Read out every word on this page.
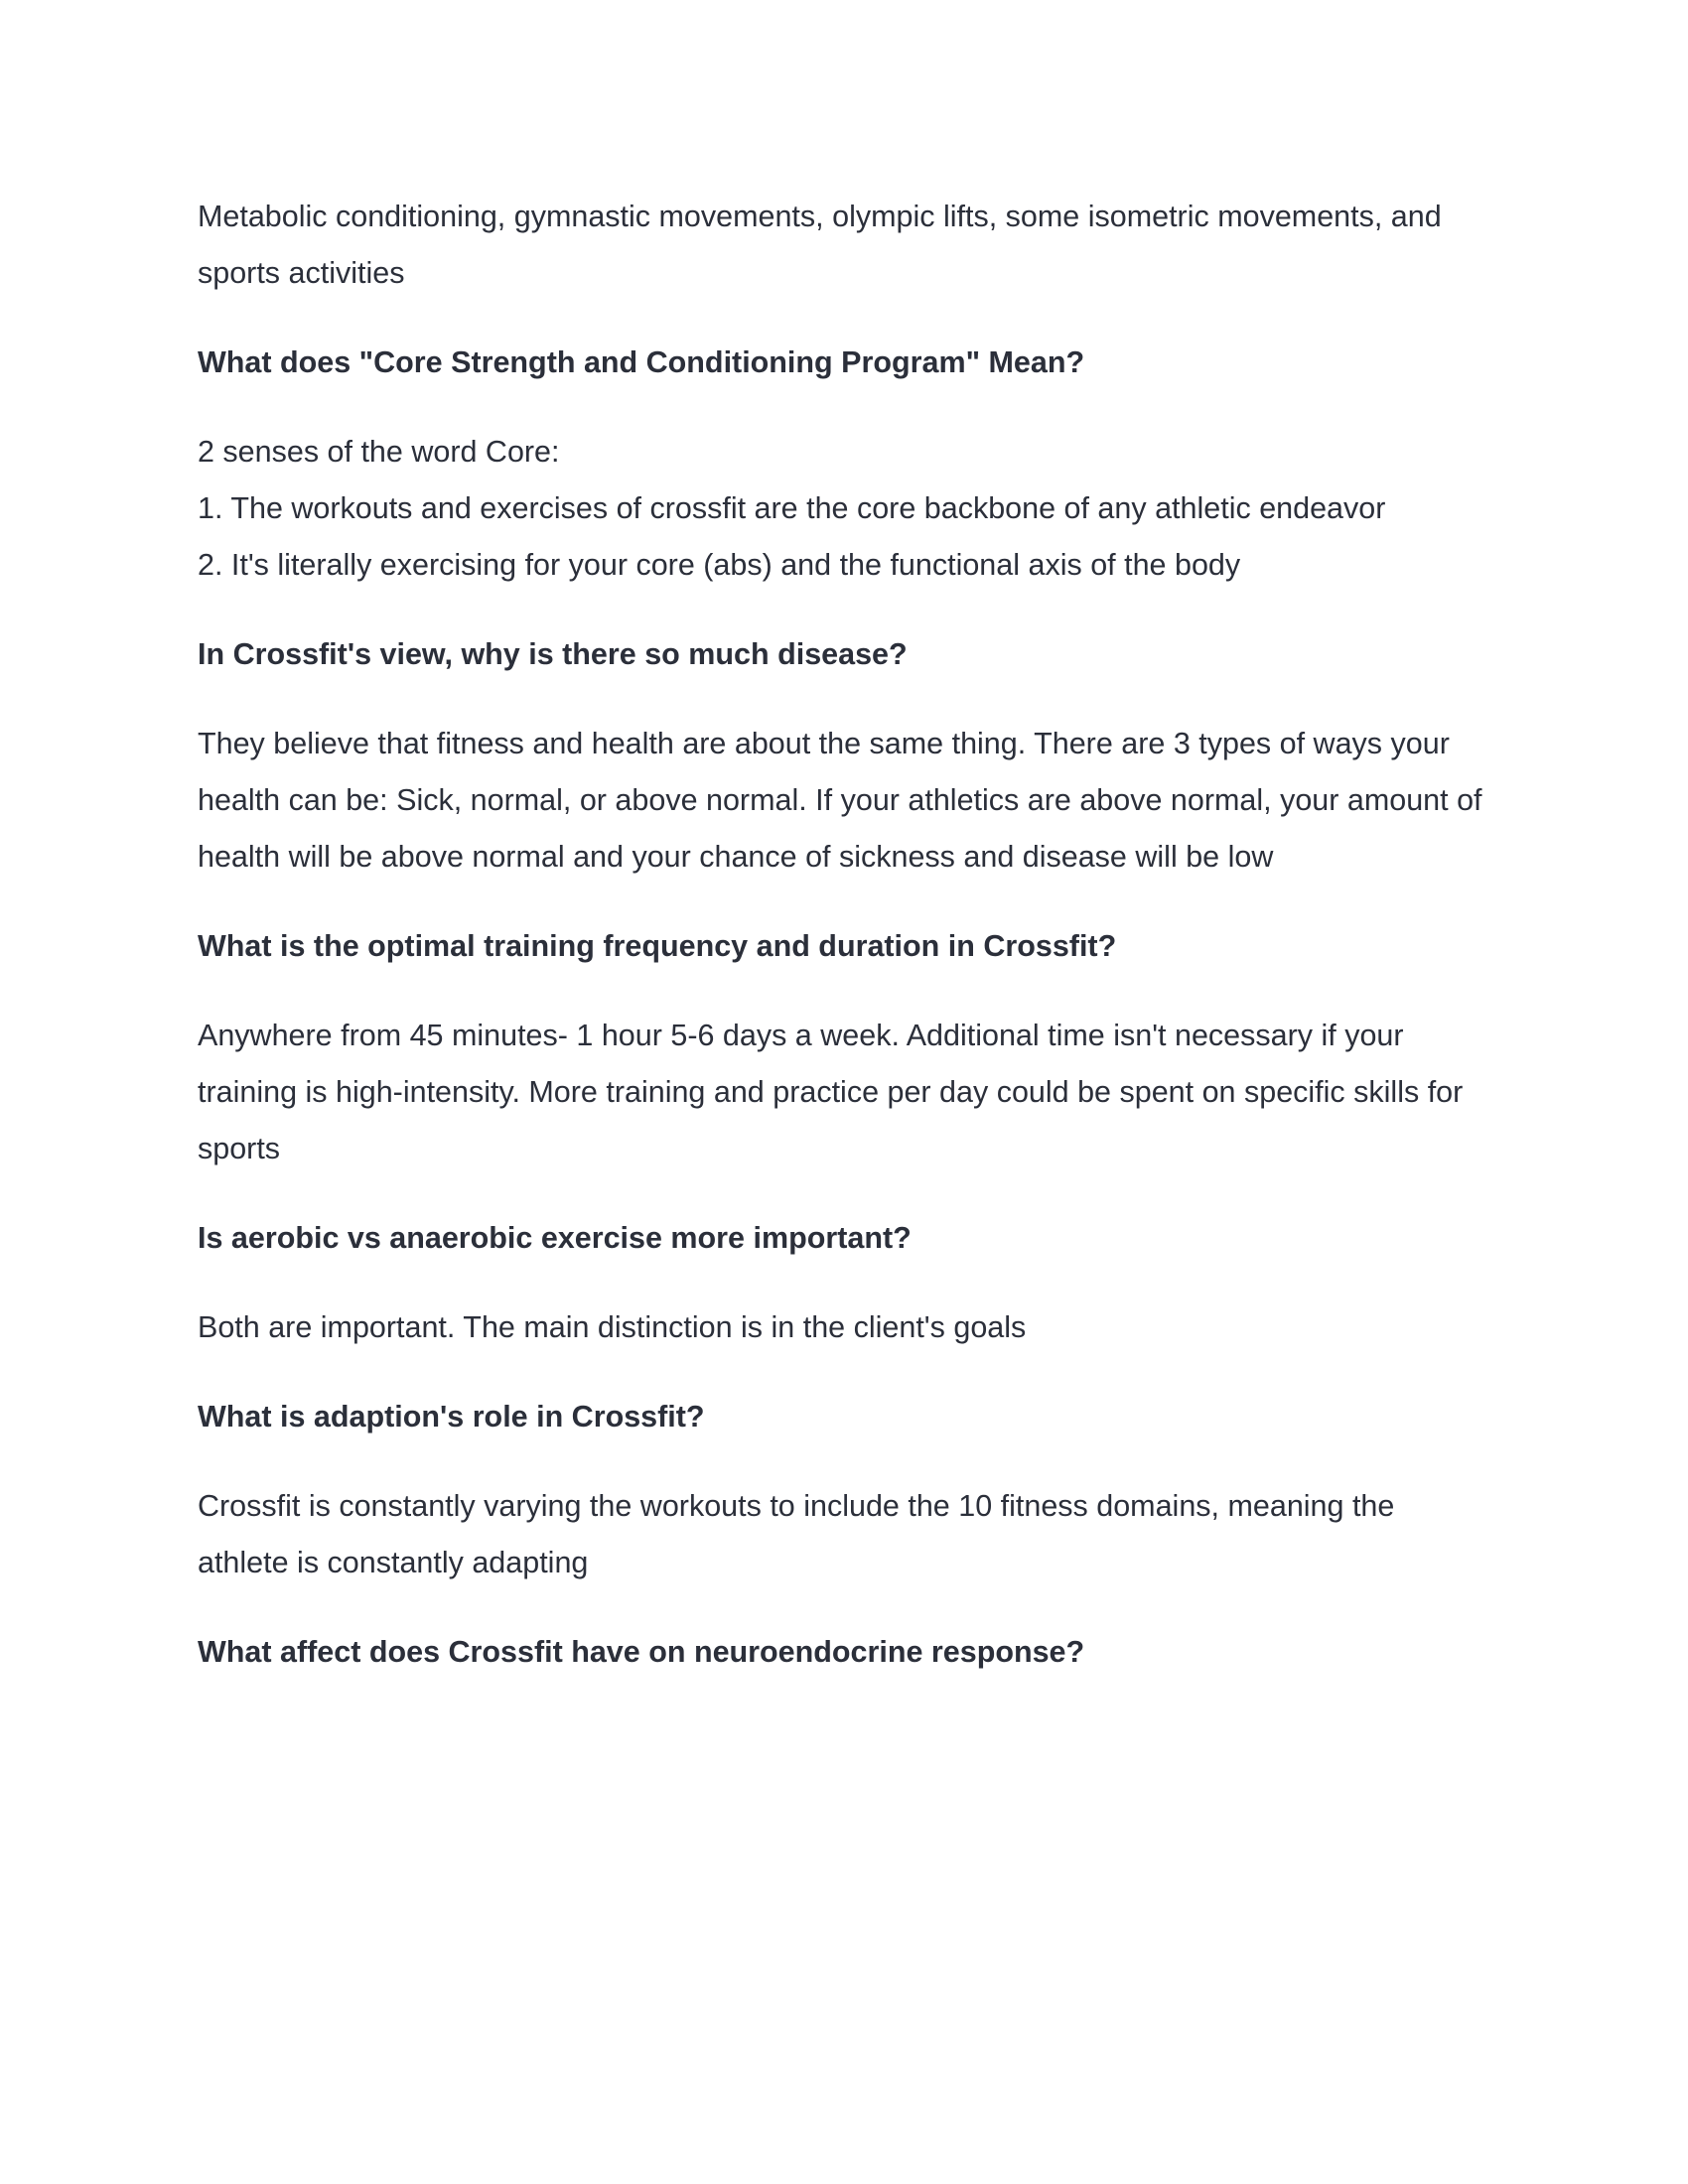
Metabolic conditioning, gymnastic movements, olympic lifts, some isometric movements, and sports activities

What does "Core Strength and Conditioning Program" Mean?

2 senses of the word Core:
1. The workouts and exercises of crossfit are the core backbone of any athletic endeavor
2. It's literally exercising for your core (abs) and the functional axis of the body

In Crossfit's view, why is there so much disease?

They believe that fitness and health are about the same thing. There are 3 types of ways your health can be: Sick, normal, or above normal. If your athletics are above normal, your amount of health will be above normal and your chance of sickness and disease will be low

What is the optimal training frequency and duration in Crossfit?

Anywhere from 45 minutes- 1 hour 5-6 days a week. Additional time isn't necessary if your training is high-intensity. More training and practice per day could be spent on specific skills for sports

Is aerobic vs anaerobic exercise more important?

Both are important. The main distinction is in the client's goals

What is adaption's role in Crossfit?

Crossfit is constantly varying the workouts to include the 10 fitness domains, meaning the athlete is constantly adapting

What affect does Crossfit have on neuroendocrine response?
